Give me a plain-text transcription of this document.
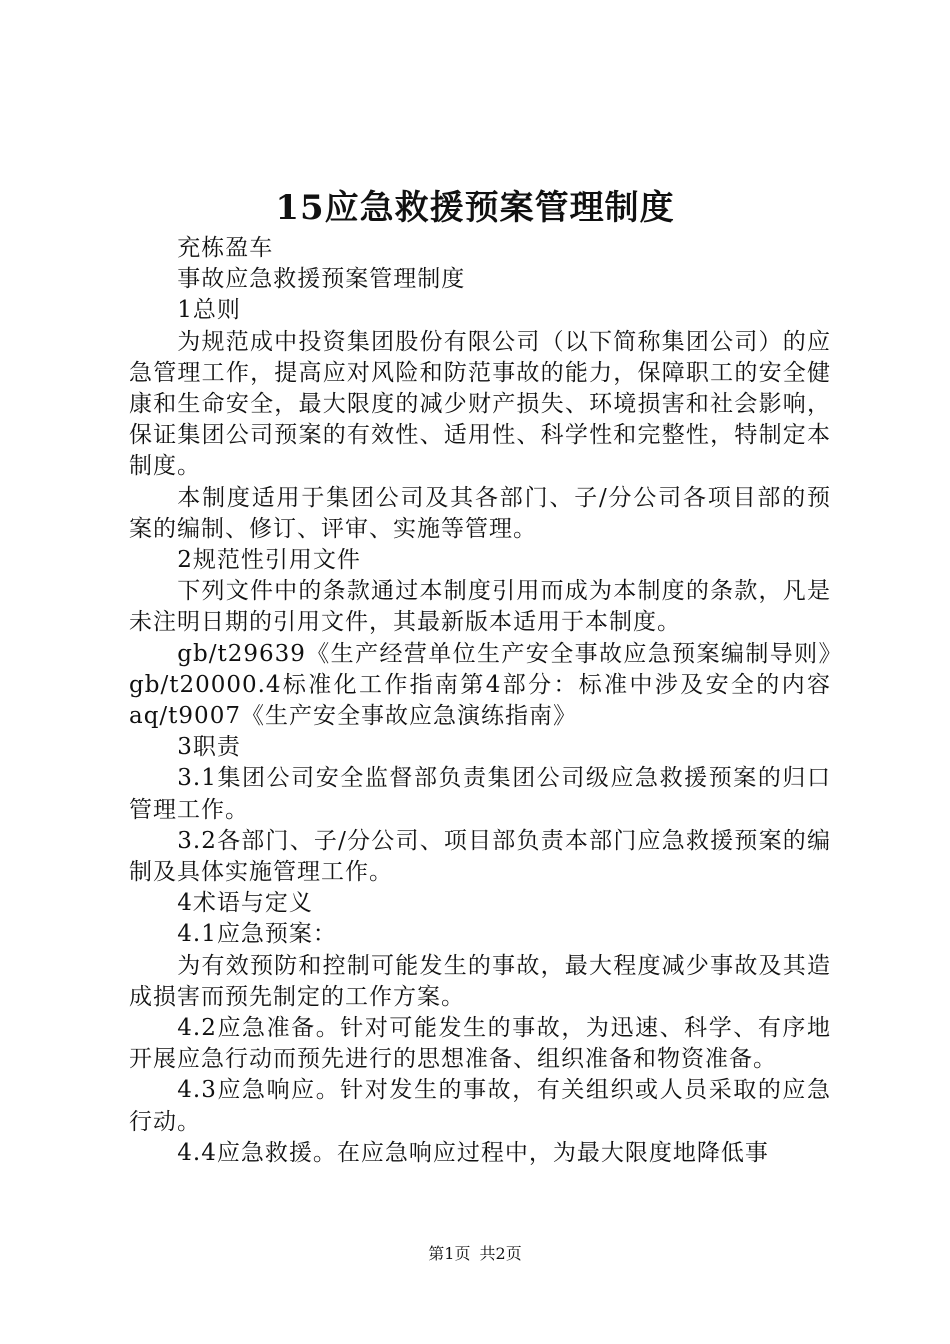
15应急救援预案管理制度

充栋盈车

事故应急救援预案管理制度

1总则

为规范成中投资集团股份有限公司（以下简称集团公司）的应急管理工作，提高应对风险和防范事故的能力，保障职工的安全健康和生命安全，最大限度的减少财产损失、环境损害和社会影响，保证集团公司预案的有效性、适用性、科学性和完整性，特制定本制度。

本制度适用于集团公司及其各部门、子/分公司各项目部的预案的编制、修订、评审、实施等管理。

2规范性引用文件

下列文件中的条款通过本制度引用而成为本制度的条款，凡是未注明日期的引用文件，其最新版本适用于本制度。

gb/t29639《生产经营单位生产安全事故应急预案编制导则》gb/t20000.4标准化工作指南第4部分：标准中涉及安全的内容aq/t9007《生产安全事故应急演练指南》

3职责

3.1集团公司安全监督部负责集团公司级应急救援预案的归口管理工作。

3.2各部门、子/分公司、项目部负责本部门应急救援预案的编制及具体实施管理工作。

4术语与定义

4.1应急预案：

为有效预防和控制可能发生的事故，最大程度减少事故及其造成损害而预先制定的工作方案。

4.2应急准备。针对可能发生的事故，为迅速、科学、有序地开展应急行动而预先进行的思想准备、组织准备和物资准备。

4.3应急响应。针对发生的事故，有关组织或人员采取的应急行动。

4.4应急救援。在应急响应过程中，为最大限度地降低事

第1页 共2页
